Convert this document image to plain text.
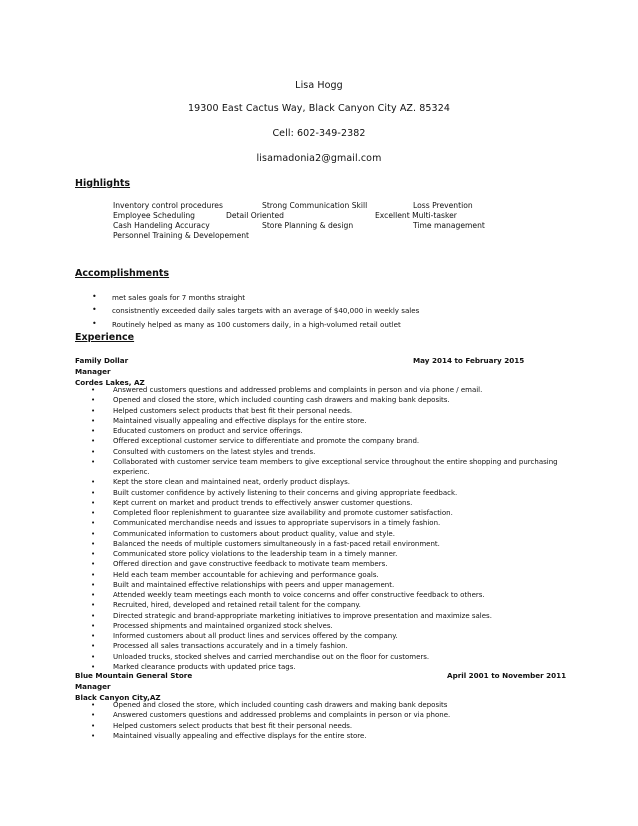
Lisa Hogg
19300 East Cactus Way, Black Canyon City AZ. 85324
Cell: 602-349-2382
lisamadonia2@gmail.com
Highlights
Inventory control procedures	Strong Communication Skill	Loss Prevention
Employee Scheduling	Detail Oriented	Excellent Multi-tasker
Cash Handeling Accuracy	Store Planning & design	Time management
Personnel Training & Developement
Accomplishments
• met sales goals for 7 months straight
• consistnently exceeded daily sales targets with an average of $40,000 in weekly sales
• Routinely helped as many as 100 customers daily, in a high-volumed retail outlet
Experience
Family Dollar	May 2014 to February 2015
Manager
Cordes Lakes, AZ
•	Answered customers questions and addressed problems and complaints in person and via phone / email.
•	Opened and closed the store, which included counting cash drawers and making bank deposits.
•	Helped customers select products that best fit their personal needs.
•	Maintained visually appealing and effective displays for the entire store.
•	Educated customers on product and service offerings.
•	Offered exceptional customer service to differentiate and promote the company brand.
•	Consulted with customers on the latest styles and trends.
•	Collaborated with customer service team members to give exceptional service throughout the entire shopping and purchasing
experienc.
•	Kept the store clean and maintained neat, orderly product displays.
•	Built customer confidence by actively listening to their concerns and giving appropriate feedback.
•	Kept current on market and product trends to effectively answer customer questions.
•	Completed floor replenishment to guarantee size availability and promote customer satisfaction.
•	Communicated merchandise needs and issues to appropriate supervisors in a timely fashion.
•	Communicated information to customers about product quality, value and style.
•	Balanced the needs of multiple customers simultaneously in a fast-paced retail environment.
•	Communicated store policy violations to the leadership team in a timely manner.
•	Offered direction and gave constructive feedback to motivate team members.
•	Held each team member accountable for achieving and performance goals.
•	Built and maintained effective relationships with peers and upper management.
•	Attended weekly team meetings each month to voice concerns and offer constructive feedback to others.
•	Recruited, hired, developed and retained retail talent for the company.
•	Directed strategic and brand-appropriate marketing initiatives to improve presentation and maximize sales.
•	Processed shipments and maintained organized stock shelves.
•	Informed customers about all product lines and services offered by the company.
•	Processed all sales transactions accurately and in a timely fashion.
•	Unloaded trucks, stocked shelves and carried merchandise out on the floor for customers.
•	Marked clearance products with updated price tags.
Blue Mountain General Store	April 2001 to November 2011
Manager
Black Canyon City,AZ
•	Opened and closed the store, which included counting cash drawers and making bank deposits
•	Answered customers questions and addressed problems and complaints in person or via phone.
•	Helped customers select products that best fit their personal needs.
•	Maintained visually appealing and effective displays for the entire store.
